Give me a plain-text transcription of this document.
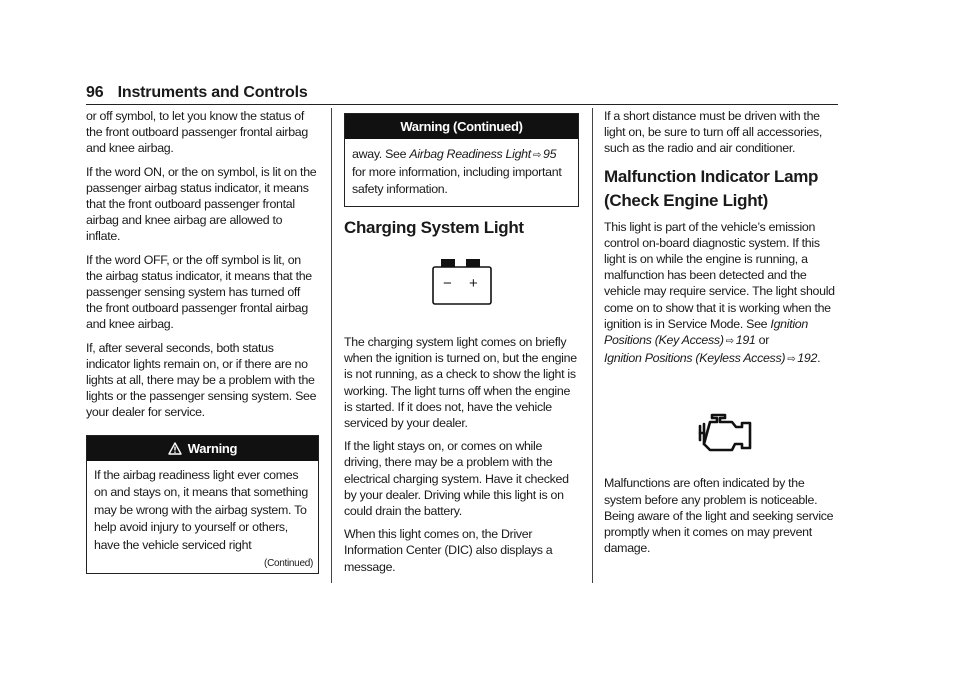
96 Instruments and Controls

or off symbol, to let you know the status of the front outboard passenger frontal airbag and knee airbag.

If the word ON, or the on symbol, is lit on the passenger airbag status indicator, it means that the front outboard passenger frontal airbag and knee airbag are allowed to inflate.

If the word OFF, or the off symbol is lit, on the airbag status indicator, it means that the passenger sensing system has turned off the front outboard passenger frontal airbag and knee airbag.

If, after several seconds, both status indicator lights remain on, or if there are no lights at all, there may be a problem with the lights or the passenger sensing system. See your dealer for service.

Warning
If the airbag readiness light ever comes on and stays on, it means that something may be wrong with the airbag system. To help avoid injury to yourself or others, have the vehicle serviced right
(Continued)
Warning (Continued)
away. See Airbag Readiness Light ⇨ 95 for more information, including important safety information.
Charging System Light
− +

The charging system light comes on briefly when the ignition is turned on, but the engine is not running, as a check to show the light is working. The light turns off when the engine is started. If it does not, have the vehicle serviced by your dealer.

If the light stays on, or comes on while driving, there may be a problem with the electrical charging system. Have it checked by your dealer. Driving while this light is on could drain the battery.

When this light comes on, the Driver Information Center (DIC) also displays a message.

If a short distance must be driven with the light on, be sure to turn off all accessories, such as the radio and air conditioner.

Malfunction Indicator Lamp
(Check Engine Light)

This light is part of the vehicle’s emission control on-board diagnostic system. If this light is on while the engine is running, a malfunction has been detected and the vehicle may require service. The light should come on to show that it is working when the ignition is in Service Mode. See Ignition Positions (Key Access) ⇨ 191 or
Ignition Positions (Keyless Access) ⇨ 192.

Malfunctions are often indicated by the system before any problem is noticeable. Being aware of the light and seeking service promptly when it comes on may prevent damage.
